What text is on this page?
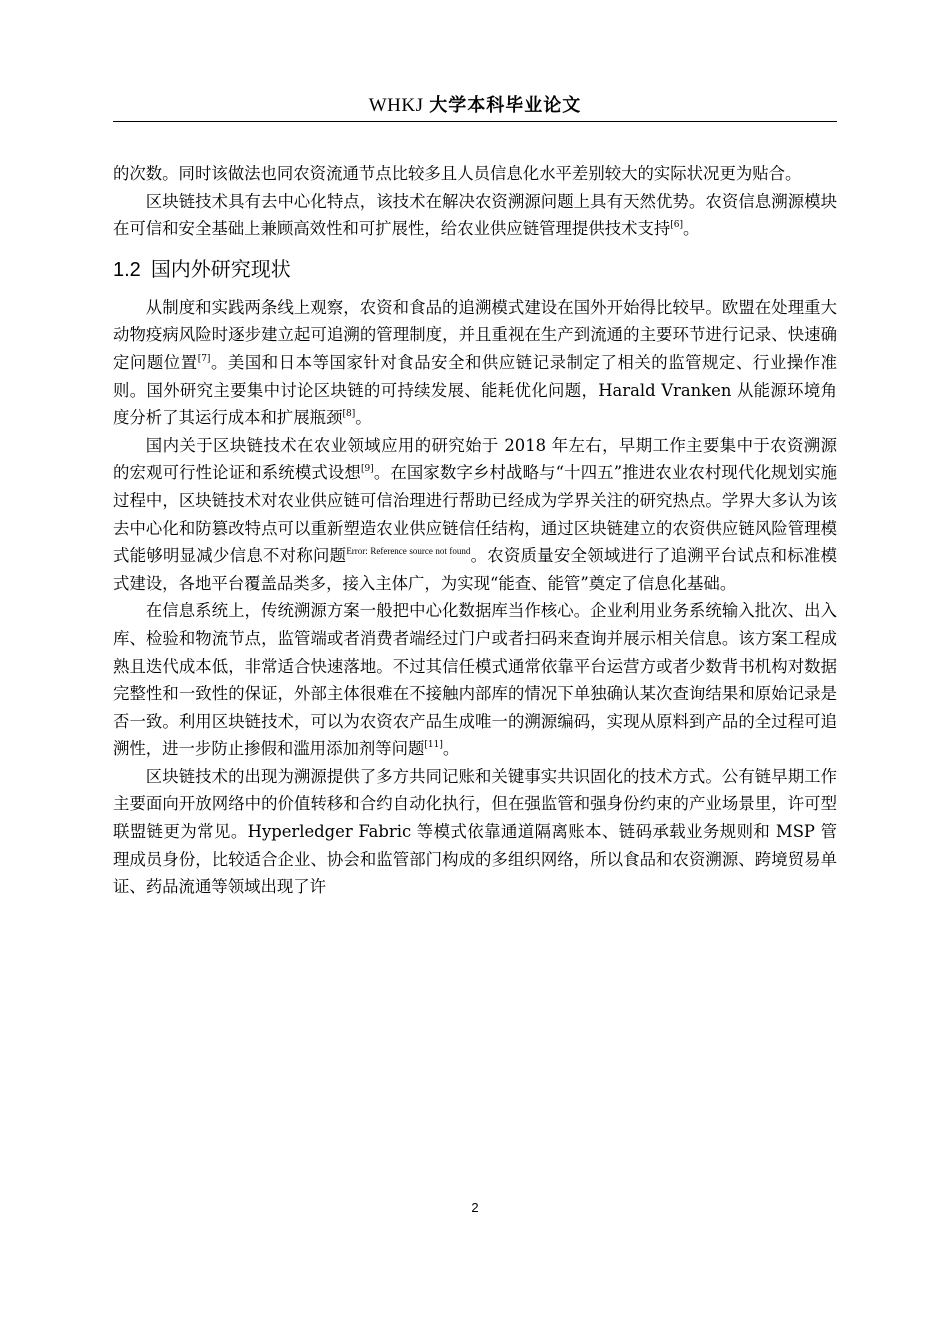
WHKJ 大学本科毕业论文

的次数。同时该做法也同农资流通节点比较多且人员信息化水平差别较大的实际状况更为贴合。

区块链技术具有去中心化特点，该技术在解决农资溯源问题上具有天然优势。农资信息溯源模块在可信和安全基础上兼顾高效性和可扩展性，给农业供应链管理提供技术支持[6]。

1.2 国内外研究现状

从制度和实践两条线上观察，农资和食品的追溯模式建设在国外开始得比较早。欧盟在处理重大动物疫病风险时逐步建立起可追溯的管理制度，并且重视在生产到流通的主要环节进行记录、快速确定问题位置[7]。美国和日本等国家针对食品安全和供应链记录制定了相关的监管规定、行业操作准则。国外研究主要集中讨论区块链的可持续发展、能耗优化问题，Harald Vranken 从能源环境角度分析了其运行成本和扩展瓶颈[8]。

国内关于区块链技术在农业领域应用的研究始于 2018 年左右，早期工作主要集中于农资溯源的宏观可行性论证和系统模式设想[9]。在国家数字乡村战略与“十四五”推进农业农村现代化规划实施过程中，区块链技术对农业供应链可信治理进行帮助已经成为学界关注的研究热点。学界大多认为该去中心化和防篡改特点可以重新塑造农业供应链信任结构，通过区块链建立的农资供应链风险管理模式能够明显减少信息不对称问题$^{Error: Reference source not found}$。农资质量安全领域进行了追溯平台试点和标准模式建设，各地平台覆盖品类多，接入主体广，为实现“能查、能管”奠定了信息化基础。

在信息系统上，传统溯源方案一般把中心化数据库当作核心。企业利用业务系统输入批次、出入库、检验和物流节点，监管端或者消费者端经过门户或者扫码来查询并展示相关信息。该方案工程成熟且迭代成本低，非常适合快速落地。不过其信任模式通常依靠平台运营方或者少数背书机构对数据完整性和一致性的保证，外部主体很难在不接触内部库的情况下单独确认某次查询结果和原始记录是否一致。利用区块链技术，可以为农资农产品生成唯一的溯源编码，实现从原料到产品的全过程可追溯性，进一步防止掺假和滥用添加剂等问题[11]。

区块链技术的出现为溯源提供了多方共同记账和关键事实共识固化的技术方式。公有链早期工作主要面向开放网络中的价值转移和合约自动化执行，但在强监管和强身份约束的产业场景里，许可型联盟链更为常见。Hyperledger Fabric 等模式依靠通道隔离账本、链码承载业务规则和 MSP 管理成员身份，比较适合企业、协会和监管部门构成的多组织网络，所以食品和农资溯源、跨境贸易单证、药品流通等领域出现了许

2
